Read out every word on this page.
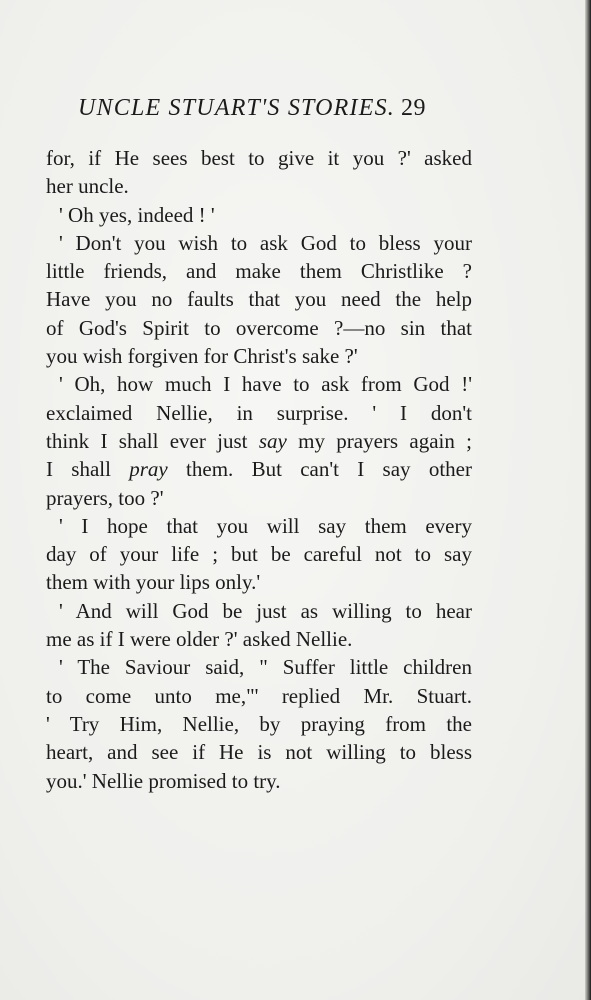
UNCLE STUART'S STORIES. 29
for, if He sees best to give it you ?' asked
her uncle.
' Oh yes, indeed ! '
' Don't you wish to ask God to bless your
little friends, and make them Christlike ?
Have you no faults that you need the help
of God's Spirit to overcome ?—no sin that
you wish forgiven for Christ's sake ?'
' Oh, how much I have to ask from God !'
exclaimed Nellie, in surprise. ' I don't
think I shall ever just say my prayers again ;
I shall pray them. But can't I say other
prayers, too ?'
' I hope that you will say them every
day of your life ; but be careful not to say
them with your lips only.'
' And will God be just as willing to hear
me as if I were older ?' asked Nellie.
' The Saviour said, " Suffer little children
to come unto me,"' replied Mr. Stuart.
' Try Him, Nellie, by praying from the
heart, and see if He is not willing to bless
you.' Nellie promised to try.
